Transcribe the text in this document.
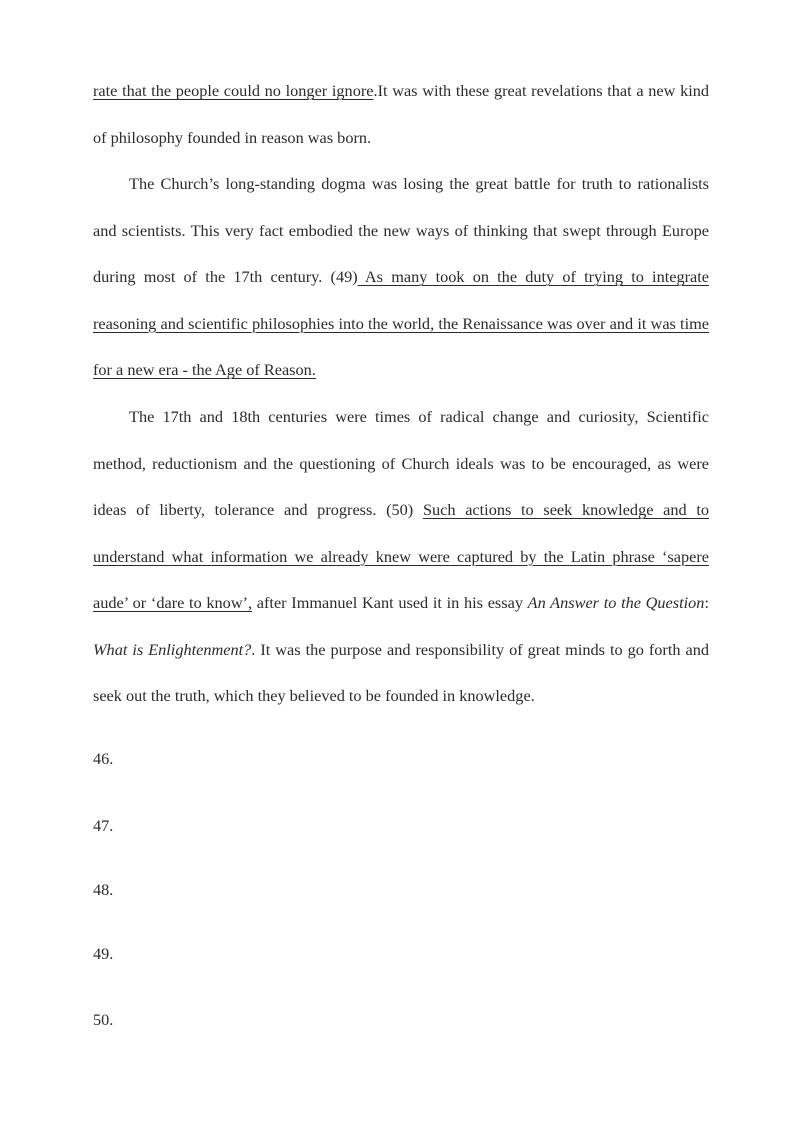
rate that the people could no longer ignore.It was with these great revelations that a new kind of philosophy founded in reason was born.

The Church’s long-standing dogma was losing the great battle for truth to rationalists and scientists. This very fact embodied the new ways of thinking that swept through Europe during most of the 17th century. (49) As many took on the duty of trying to integrate reasoning and scientific philosophies into the world, the Renaissance was over and it was time for a new era - the Age of Reason.

The 17th and 18th centuries were times of radical change and curiosity, Scientific method, reductionism and the questioning of Church ideals was to be encouraged, as were ideas of liberty, tolerance and progress. (50) Such actions to seek knowledge and to understand what information we already knew were captured by the Latin phrase ‘sapere aude’ or ‘dare to know’, after Immanuel Kant used it in his essay An Answer to the Question: What is Enlightenment?. It was the purpose and responsibility of great minds to go forth and seek out the truth, which they believed to be founded in knowledge.

46.

47.

48.

49.

50.
